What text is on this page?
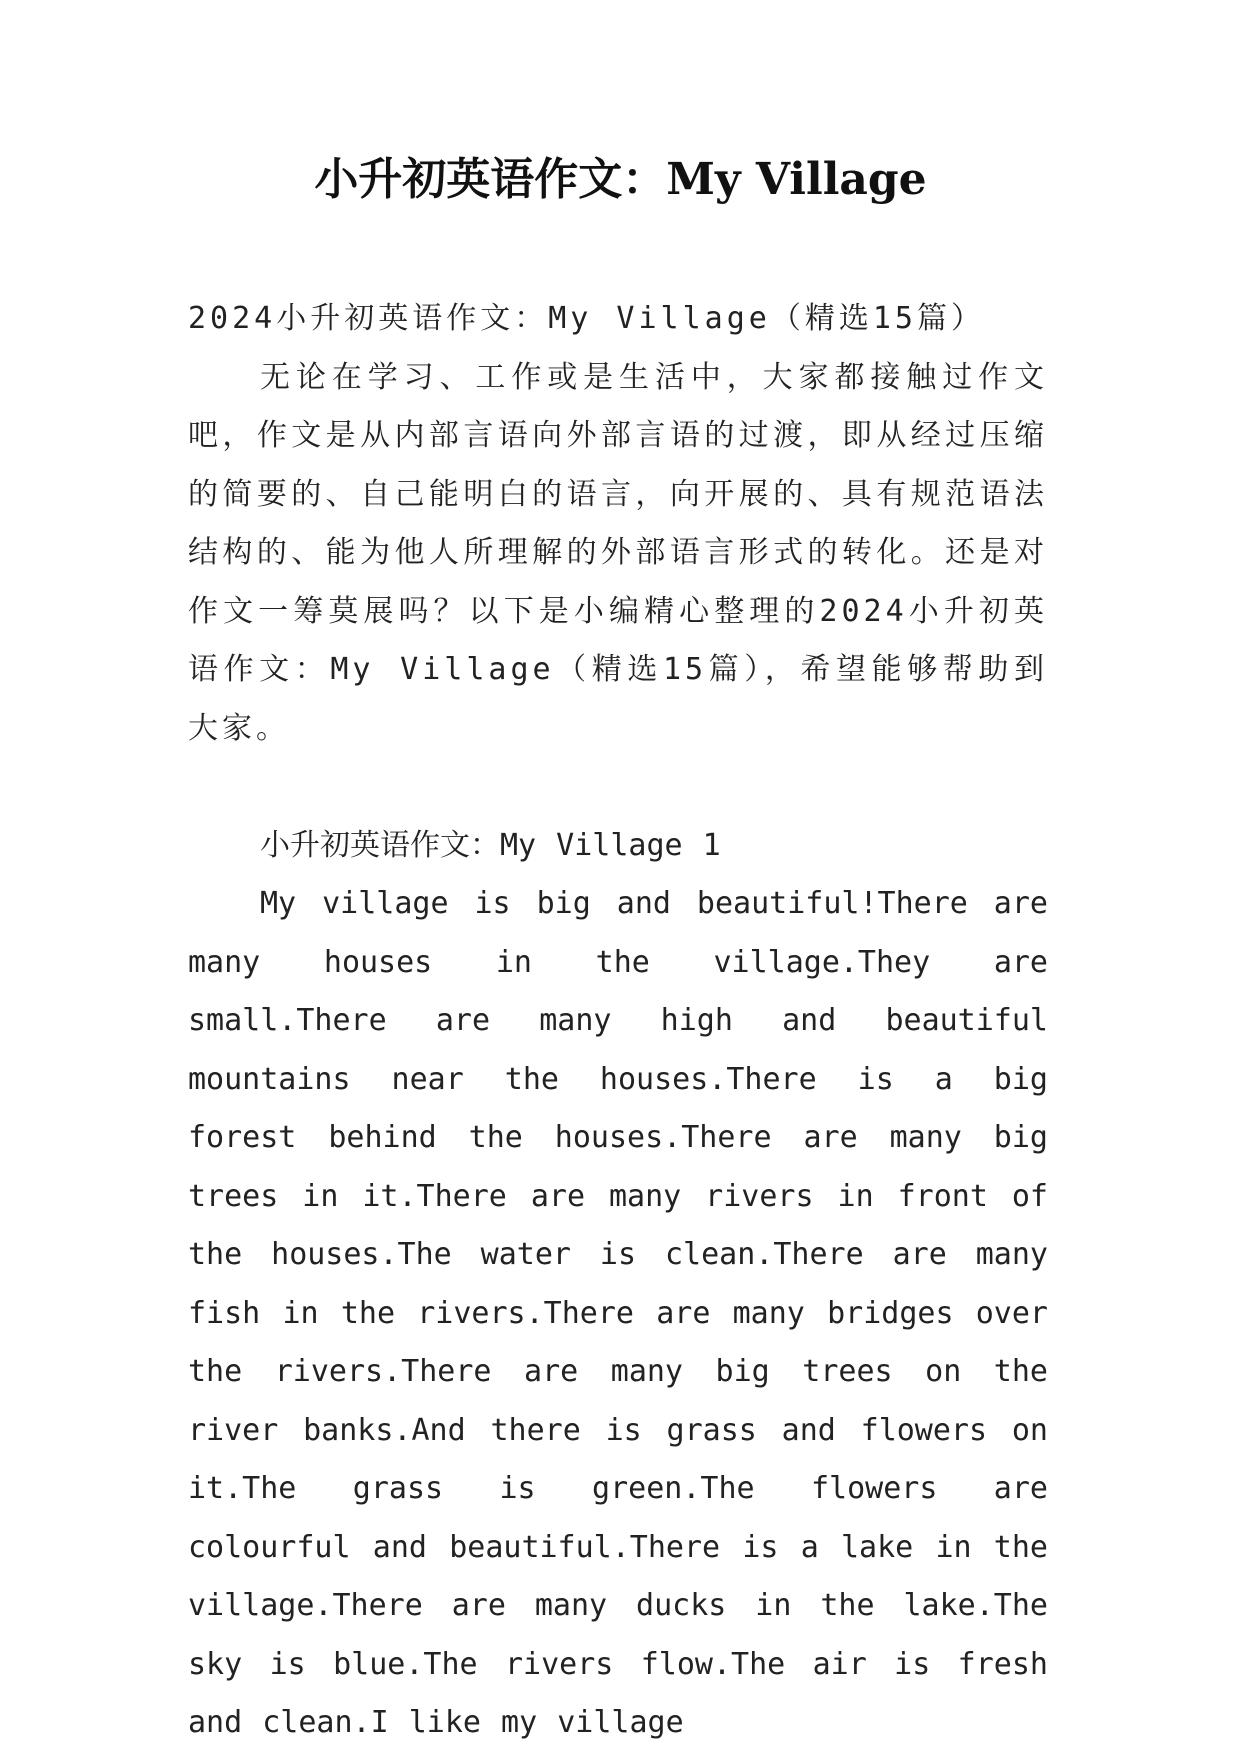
小升初英语作文：My Village

2024小升初英语作文：My Village（精选15篇）

无论在学习、工作或是生活中，大家都接触过作文吧，作文是从内部言语向外部言语的过渡，即从经过压缩的简要的、自己能明白的语言，向开展的、具有规范语法结构的、能为他人所理解的外部语言形式的转化。还是对作文一筹莫展吗？以下是小编精心整理的2024小升初英语作文：My Village（精选15篇），希望能够帮助到大家。

小升初英语作文：My Village 1

My village is big and beautiful!There are many houses in the village.They are small.There are many high and beautiful mountains near the houses.There is a big forest behind the houses.There are many big trees in it.There are many rivers in front of the houses.The water is clean.There are many fish in the rivers.There are many bridges over the rivers.There are many big trees on the river banks.And there is grass and flowers on it.The grass is green.The flowers are colourful and beautiful.There is a lake in the village.There are many ducks in the lake.The sky is blue.The rivers flow.The air is fresh and clean.I like my village
